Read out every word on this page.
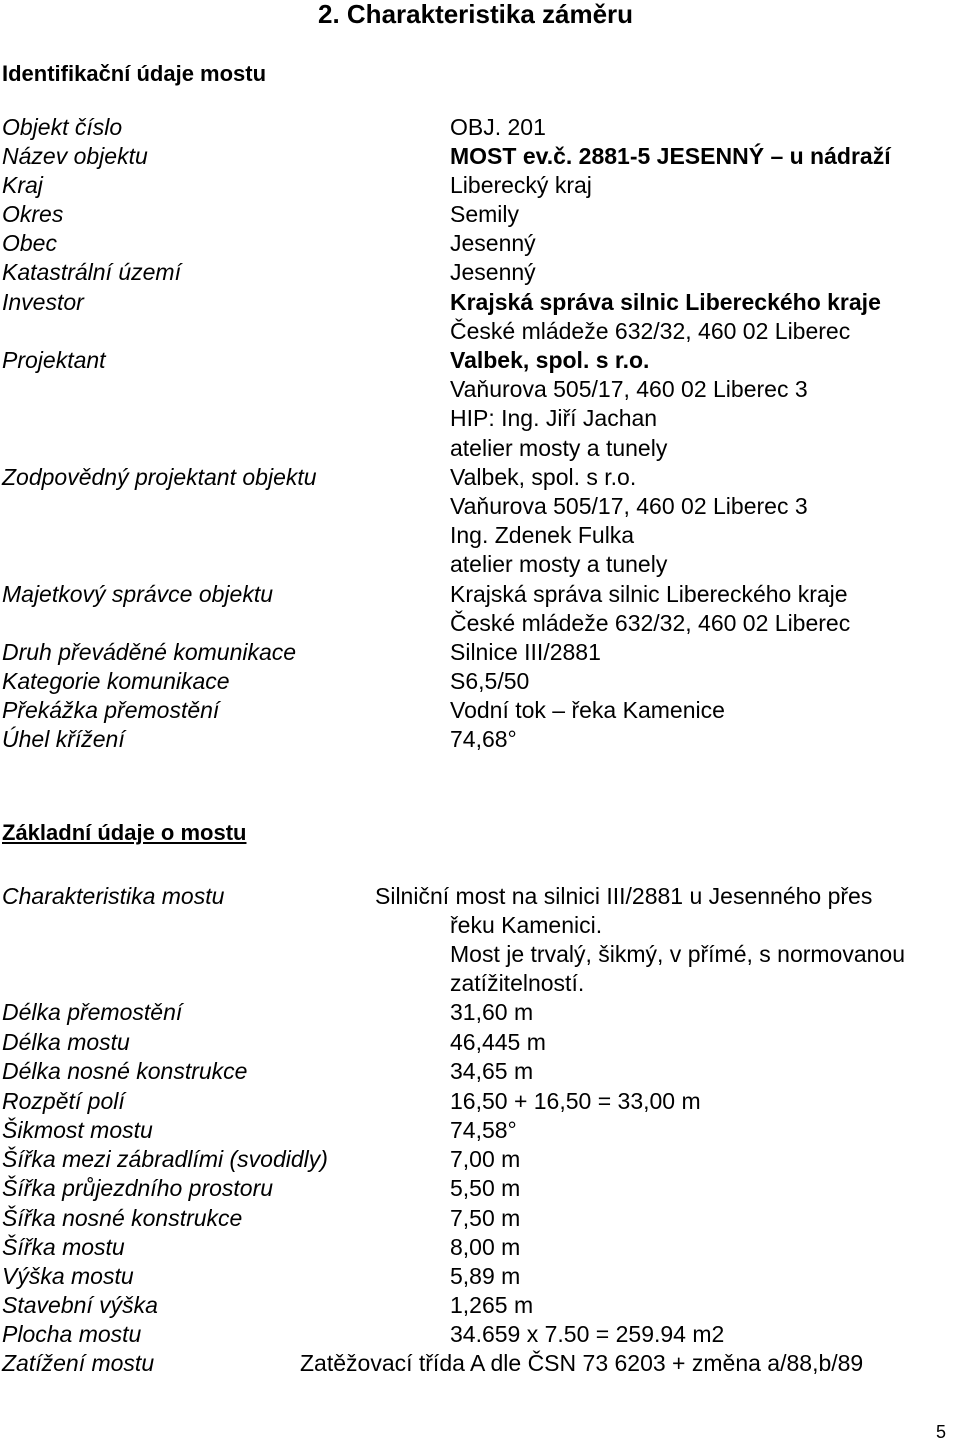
2. Charakteristika záměru
Identifikační údaje mostu
Objekt číslo	OBJ. 201
Název objektu	MOST ev.č. 2881-5 JESENNÝ – u nádraží
Kraj	Liberecký kraj
Okres	Semily
Obec	Jesenný
Katastrální území	Jesenný
Investor	Krajská správa silnic Libereckého kraje
České mládeže 632/32, 460 02 Liberec
Projektant	Valbek, spol. s r.o.
Vaňurova 505/17, 460 02 Liberec 3
HIP: Ing. Jiří Jachan
atelier mosty a tunely
Zodpovědný projektant objektu	Valbek, spol. s r.o.
Vaňurova 505/17, 460 02 Liberec 3
Ing. Zdenek Fulka
atelier mosty a tunely
Majetkový správce objektu	Krajská správa silnic Libereckého kraje
České mládeže 632/32, 460 02 Liberec
Druh převáděné komunikace	Silnice III/2881
Kategorie komunikace	S6,5/50
Překážka přemostění	Vodní tok – řeka Kamenice
Úhel křížení	74,68°
Základní údaje o mostu
Charakteristika mostu	Silniční most na silnici III/2881 u Jesenného přes
řeku Kamenici.
Most je trvalý, šikmý, v přímé, s normovanou
zatížitelností.
Délka přemostění	31,60 m
Délka mostu	46,445 m
Délka nosné konstrukce	34,65 m
Rozpětí polí	16,50 + 16,50 = 33,00 m
Šikmost mostu	74,58°
Šířka mezi zábradlími (svodidly)	7,00 m
Šířka průjezdního prostoru	5,50 m
Šířka nosné konstrukce	7,50 m
Šířka mostu	8,00 m
Výška mostu	5,89 m
Stavební výška	1,265 m
Plocha mostu	34.659 x 7.50 = 259.94 m2
Zatížení mostu	Zatěžovací třída A dle ČSN 73 6203 + změna a/88,b/89
5
